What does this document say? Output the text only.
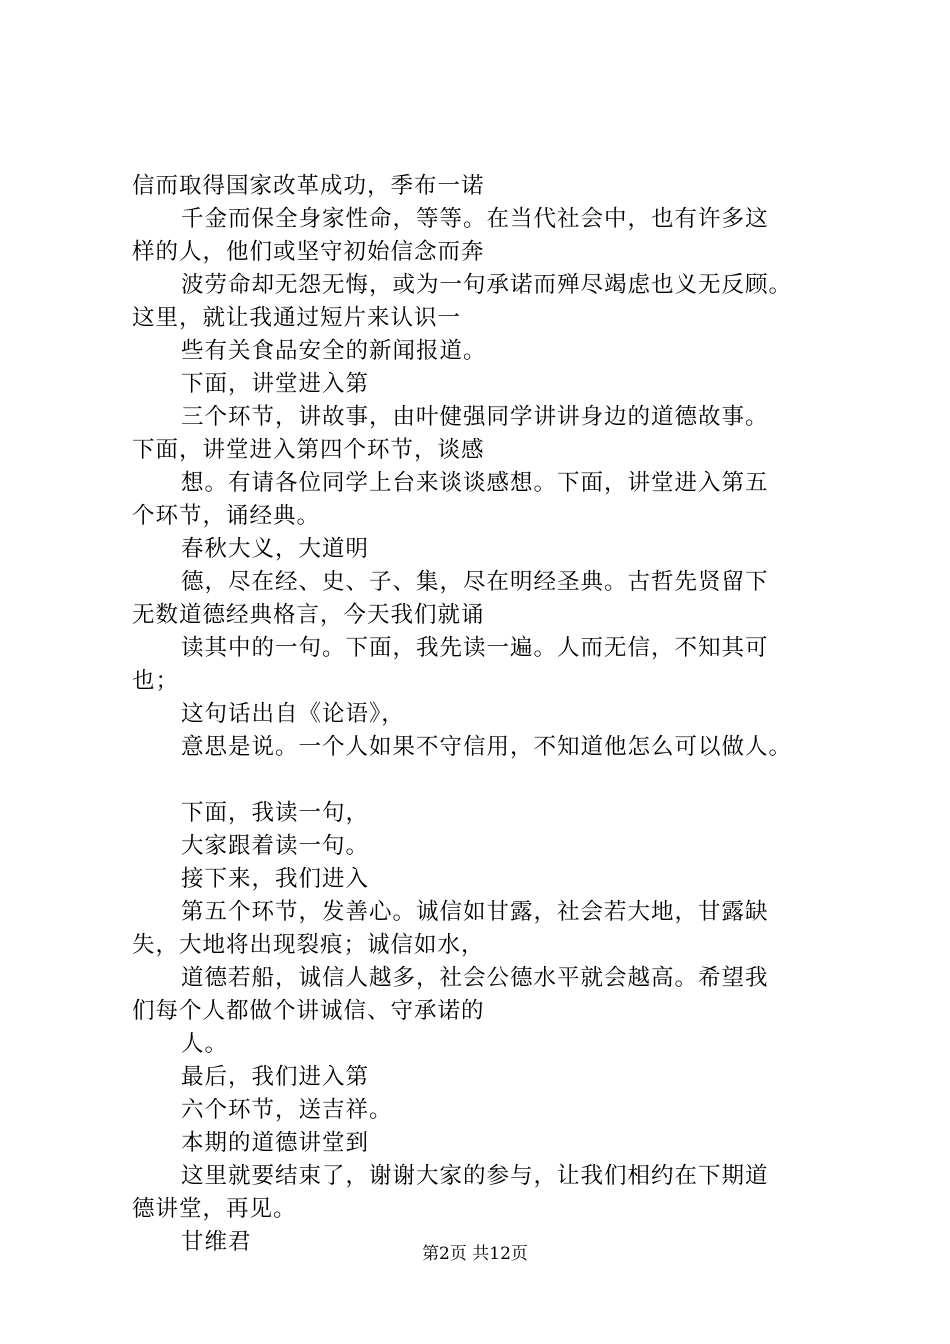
信而取得国家改革成功，季布一诺

千金而保全身家性命，等等。在当代社会中，也有许多这

样的人，他们或坚守初始信念而奔

波劳命却无怨无悔，或为一句承诺而殚尽竭虑也义无反顾。

这里，就让我通过短片来认识一

些有关食品安全的新闻报道。

下面，讲堂进入第

三个环节，讲故事，由叶健强同学讲讲身边的道德故事。

下面，讲堂进入第四个环节，谈感

想。有请各位同学上台来谈谈感想。下面，讲堂进入第五

个环节，诵经典。

春秋大义，大道明

德，尽在经、史、子、集，尽在明经圣典。古哲先贤留下

无数道德经典格言，今天我们就诵

读其中的一句。下面，我先读一遍。人而无信，不知其可

也；

这句话出自《论语》，

意思是说。一个人如果不守信用，不知道他怎么可以做人。

下面，我读一句，

大家跟着读一句。

接下来，我们进入

第五个环节，发善心。诚信如甘露，社会若大地，甘露缺

失，大地将出现裂痕；诚信如水，

道德若船，诚信人越多，社会公德水平就会越高。希望我

们每个人都做个讲诚信、守承诺的

人。

最后，我们进入第

六个环节，送吉祥。

本期的道德讲堂到

这里就要结束了，谢谢大家的参与，让我们相约在下期道

德讲堂，再见。

甘维君	第2页 共12页
